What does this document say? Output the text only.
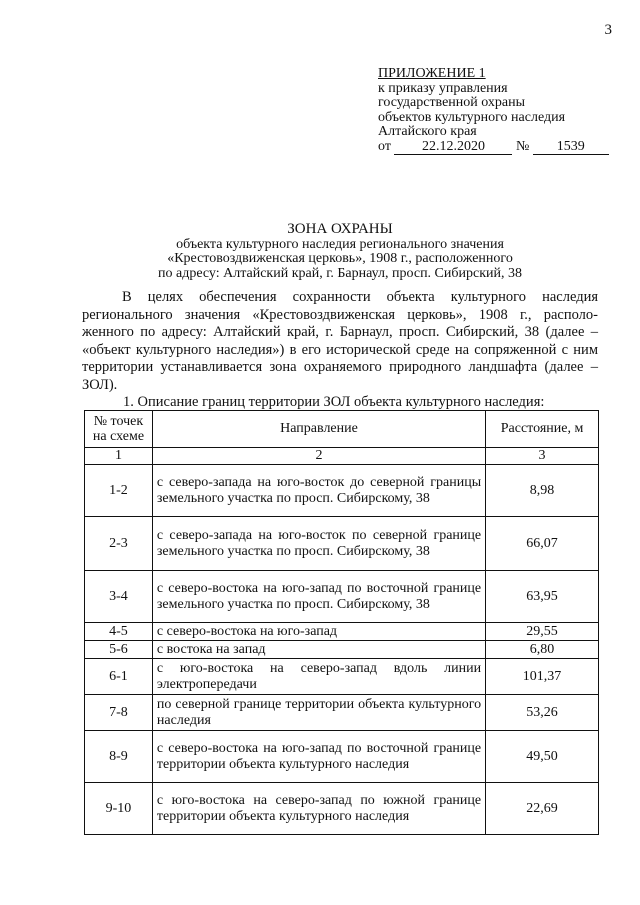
3
ПРИЛОЖЕНИЕ 1
к приказу управления
государственной охраны
объектов культурного наследия
Алтайского края
от 22.12.2020 № 1539
ЗОНА ОХРАНЫ
объекта культурного наследия регионального значения
«Крестовоздвиженская церковь», 1908 г., расположенного
по адресу: Алтайский край, г. Барнаул, просп. Сибирский, 38

В целях обеспечения сохранности объекта культурного наследия регионального значения «Крестовоздвиженская церковь», 1908 г., располо-женного по адресу: Алтайский край, г. Барнаул, просп. Сибирский, 38 (далее – «объект культурного наследия») в его исторической среде на сопряженной с ним территории устанавливается зона охраняемого природного ландшафта (далее – ЗОЛ).

1. Описание границ территории ЗОЛ объекта культурного наследия:
№ точек на схеме	Направление	Расстояние, м
1	2	3
1-2	с северо-запада на юго-восток до северной границы земельного участка по просп. Сибирскому, 38	8,98
2-3	с северо-запада на юго-восток по северной границе земельного участка по просп. Сибирскому, 38	66,07
3-4	с северо-востока на юго-запад по восточной границе земельного участка по просп. Сибирскому, 38	63,95
4-5	с северо-востока на юго-запад	29,55
5-6	с востока на запад	6,80
6-1	с юго-востока на северо-запад вдоль линии электропередачи	101,37
7-8	по северной границе территории объекта культурного наследия	53,26
8-9	с северо-востока на юго-запад по восточной границе территории объекта культурного наследия	49,50
9-10	с юго-востока на северо-запад по южной границе территории объекта культурного наследия	22,69
